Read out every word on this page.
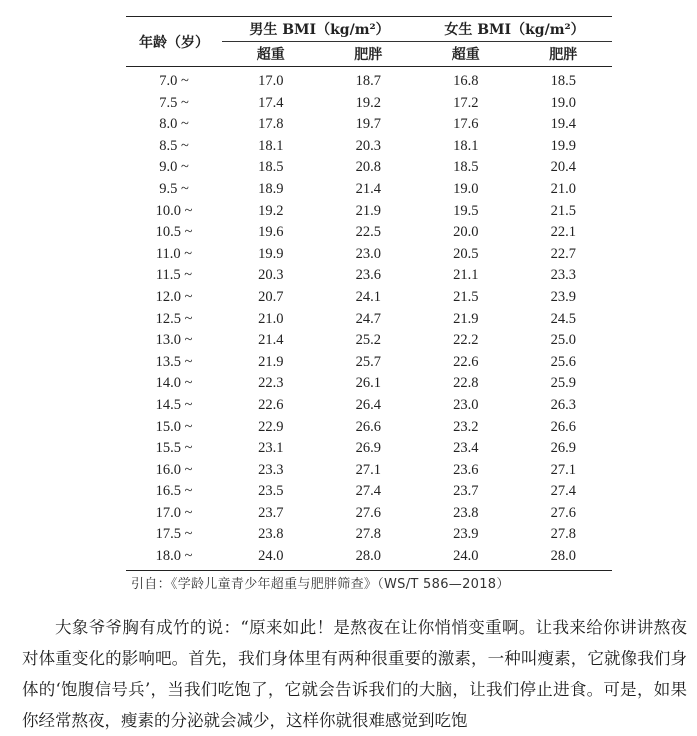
年龄（岁）	男生 BMI（kg/m²）		女生 BMI（kg/m²）	
	超重	肥胖	超重	肥胖
7.0 ~	17.0	18.7	16.8	18.5
7.5 ~	17.4	19.2	17.2	19.0
8.0 ~	17.8	19.7	17.6	19.4
8.5 ~	18.1	20.3	18.1	19.9
9.0 ~	18.5	20.8	18.5	20.4
9.5 ~	18.9	21.4	19.0	21.0
10.0 ~	19.2	21.9	19.5	21.5
10.5 ~	19.6	22.5	20.0	22.1
11.0 ~	19.9	23.0	20.5	22.7
11.5 ~	20.3	23.6	21.1	23.3
12.0 ~	20.7	24.1	21.5	23.9
12.5 ~	21.0	24.7	21.9	24.5
13.0 ~	21.4	25.2	22.2	25.0
13.5 ~	21.9	25.7	22.6	25.6
14.0 ~	22.3	26.1	22.8	25.9
14.5 ~	22.6	26.4	23.0	26.3
15.0 ~	22.9	26.6	23.2	26.6
15.5 ~	23.1	26.9	23.4	26.9
16.0 ~	23.3	27.1	23.6	27.1
16.5 ~	23.5	27.4	23.7	27.4
17.0 ~	23.7	27.6	23.8	27.6
17.5 ~	23.8	27.8	23.9	27.8
18.0 ~	24.0	28.0	24.0	28.0
引自：《学龄儿童青少年超重与肥胖筛查》（WS/T 586—2018）

大象爷爷胸有成竹的说：“原来如此！是熬夜在让你悄悄变重啊。让我来给你讲讲熬夜对体重变化的影响吧。首先，我们身体里有两种很重要的激素，一种叫瘦素，它就像我们身体的‘饱腹信号兵’，当我们吃饱了，它就会告诉我们的大脑，让我们停止进食。可是，如果你经常熬夜，瘦素的分泌就会减少，这样你就很难感觉到吃饱
